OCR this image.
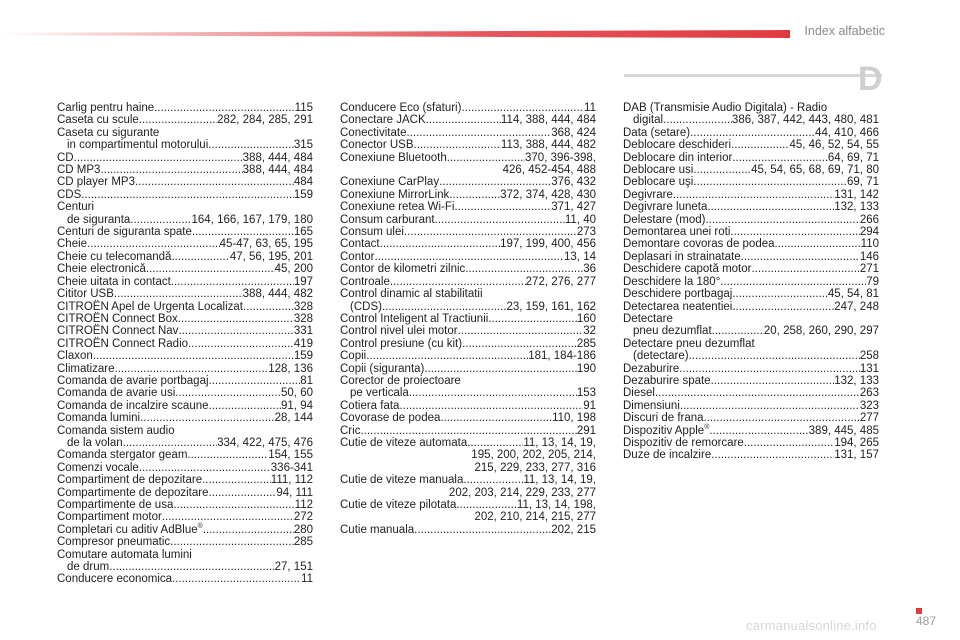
Index alfabetic
D
Carlig pentru haine .....	115
Caseta cu scule .....	282, 284, 285, 291
Caseta cu sigurante
in compartimentul motorului .....	315
CD .....	388, 444, 484
CD MP3 .....	388, 444, 484
CD player MP3 .....	484
CDS .....	159
Centuri
de siguranta .....	164, 166, 167, 179, 180
Centuri de siguranta spate .....	165
Cheie .....	45-47, 63, 65, 195
Cheie cu telecomandă .....	47, 56, 195, 201
Cheie electronică .....	45, 200
Cheie uitata in contact .....	197
Cititor USB .....	388, 444, 482
CITROËN Apel de Urgenta Localizat .....	328
CITROËN Connect Box .....	328
CITROËN Connect Nav .....	331
CITROËN Connect Radio .....	419
Claxon .....	159
Climatizare .....	128, 136
Comanda de avarie portbagaj .....	81
Comanda de avarie usi .....	50, 60
Comanda de incalzire scaune .....	91, 94
Comanda lumini .....	28, 144
Comanda sistem audio
de la volan .....	334, 422, 475, 476
Comanda stergator geam .....	154, 155
Comenzi vocale .....	336-341
Compartiment de depozitare .....	111, 112
Compartimente de depozitare .....	94, 111
Compartimente de usa .....	112
Compartiment motor .....	272
Completari cu aditiv AdBlue® .....	280
Compresor pneumatic .....	285
Comutare automata lumini
de drum .....	27, 151
Conducere economica .....	11
Conducere Eco (sfaturi) .....	11
Conectare JACK .....	114, 388, 444, 484
Conectivitate .....	368, 424
Conector USB .....	113, 388, 444, 482
Conexiune Bluetooth .....	370, 396-398,
426, 452-454, 488
Conexiune CarPlay .....	376, 432
Conexiune MirrorLink .....	372, 374, 428, 430
Conexiune retea Wi-Fi .....	371, 427
Consum carburant .....	11, 40
Consum ulei .....	273
Contact .....	197, 199, 400, 456
Contor .....	13, 14
Contor de kilometri zilnic .....	36
Controale .....	272, 276, 277
Control dinamic al stabilitatii
(CDS) .....	23, 159, 161, 162
Control Inteligent al Tractiunii .....	160
Control nivel ulei motor .....	32
Control presiune (cu kit) .....	285
Copii .....	181, 184-186
Copii (siguranta) .....	190
Corector de proiectoare
pe verticala .....	153
Cotiera fata .....	91
Covorase de podea .....	110, 198
Cric .....	291
Cutie de viteze automata .....	11, 13, 14, 19,
195, 200, 202, 205, 214,
215, 229, 233, 277, 316
Cutie de viteze manuala .....	11, 13, 14, 19,
202, 203, 214, 229, 233, 277
Cutie de viteze pilotata .....	11, 13, 14, 198,
202, 210, 214, 215, 277
Cutie manuala .....	202, 215
DAB (Transmisie Audio Digitala) - Radio
digital .....	386, 387, 442, 443, 480, 481
Data (setare) .....	44, 410, 466
Deblocare deschideri .....	45, 46, 52, 54, 55
Deblocare din interior .....	64, 69, 71
Deblocare usi .....	45, 54, 65, 68, 69, 71, 80
Deblocare uşi .....	69, 71
Degivrare .....	131, 142
Degivrare luneta .....	132, 133
Delestare (mod) .....	266
Demontarea unei roti .....	294
Demontare covoras de podea .....	110
Deplasari in strainatate .....	146
Deschidere capotă motor .....	271
Deschidere la 180° .....	79
Deschidere portbagaj .....	45, 54, 81
Detectarea neatentiei .....	247, 248
Detectare
pneu dezumflat .....	20, 258, 260, 290, 297
Detectare pneu dezumflat
(detectare) .....	258
Dezaburire .....	131
Dezaburire spate .....	132, 133
Diesel .....	263
Dimensiuni .....	323
Discuri de frana .....	277
Dispozitiv Apple® .....	389, 445, 485
Dispozitiv de remorcare .....	194, 265
Duze de incalzire .....	131, 157
487
carmanualsonline.info
